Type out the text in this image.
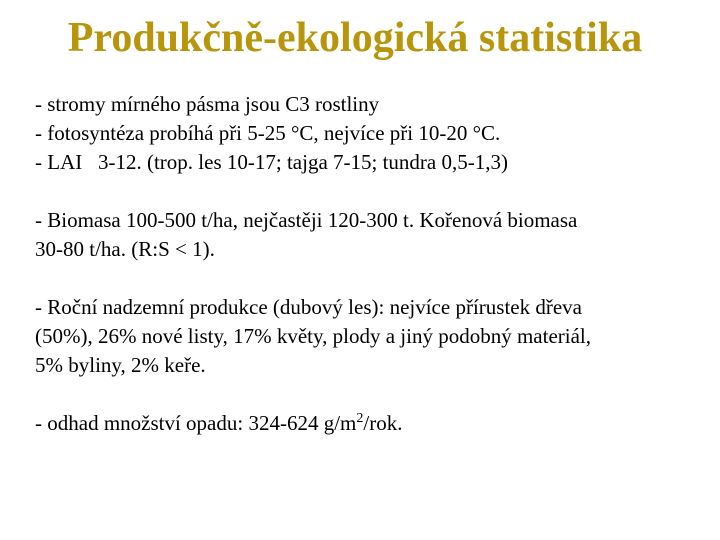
Produkčně-ekologická statistika

- stromy mírného pásma jsou C3 rostliny
- fotosyntéza probíhá při 5-25 °C, nejvíce při 10-20 °C.
- LAI   3-12. (trop. les 10-17; tajga 7-15; tundra 0,5-1,3)

- Biomasa 100-500 t/ha, nejčastěji 120-300 t. Kořenová biomasa
30-80 t/ha. (R:S < 1).

- Roční nadzemní produkce (dubový les): nejvíce přírustek dřeva
(50%), 26% nové listy, 17% květy, plody a jiný podobný materiál,
5% byliny, 2% keře.

- odhad množství opadu: 324-624 $g/m^2$/rok.
